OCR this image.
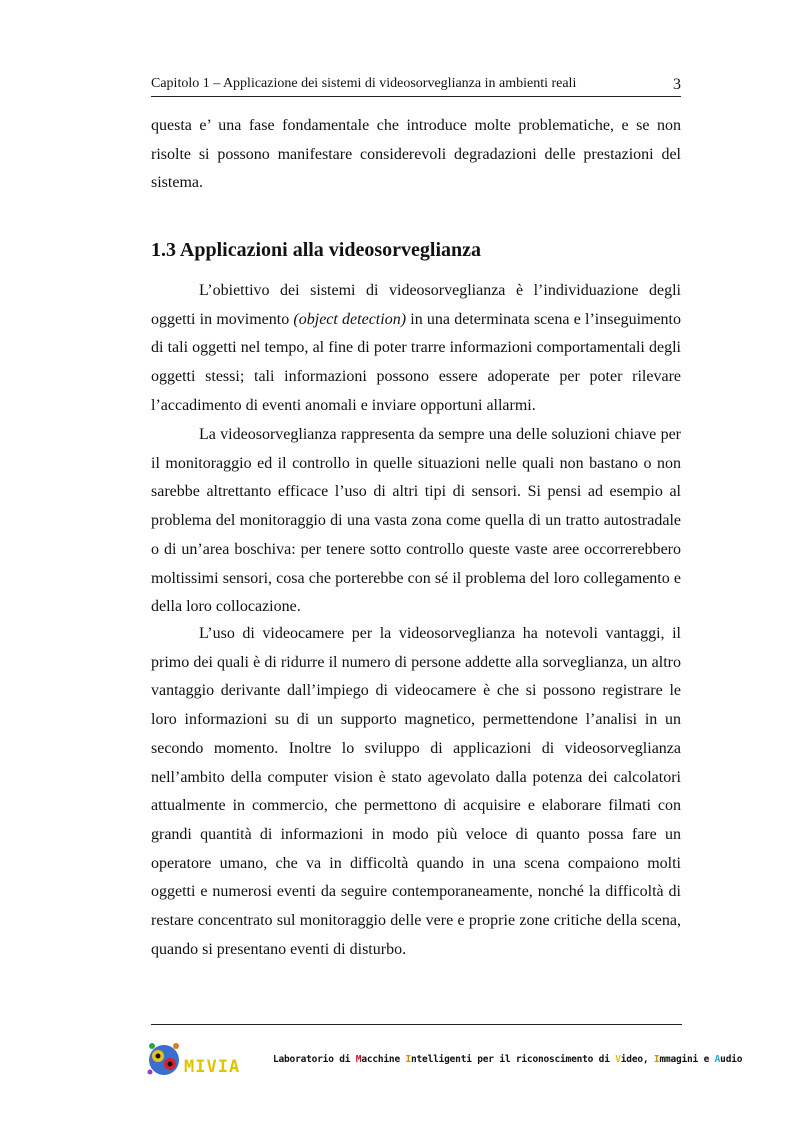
Capitolo 1 – Applicazione dei sistemi di videosorveglianza in ambienti reali	3
questa e’ una fase fondamentale che introduce molte problematiche, e se non risolte si possono manifestare considerevoli degradazioni delle prestazioni del sistema.
1.3 Applicazioni alla videosorveglianza
L’obiettivo dei sistemi di videosorveglianza è l’individuazione degli oggetti in movimento (object detection) in una determinata scena e l’inseguimento di tali oggetti nel tempo, al fine di poter trarre informazioni comportamentali degli oggetti stessi; tali informazioni possono essere adoperate per poter rilevare l’accadimento di eventi anomali e inviare opportuni allarmi.
La videosorveglianza rappresenta da sempre una delle soluzioni chiave per il monitoraggio ed il controllo in quelle situazioni nelle quali non bastano o non sarebbe altrettanto efficace l’uso di altri tipi di sensori. Si pensi ad esempio al problema del monitoraggio di una vasta zona come quella di un tratto autostradale o di un’area boschiva: per tenere sotto controllo queste vaste aree occorrerebbero moltissimi sensori, cosa che porterebbe con sé il problema del loro collegamento e della loro collocazione.
L’uso di videocamere per la videosorveglianza ha notevoli vantaggi, il primo dei quali è di ridurre il numero di persone addette alla sorveglianza, un altro vantaggio derivante dall’impiego di videocamere è che si possono registrare le loro informazioni su di un supporto magnetico, permettendone l’analisi in un secondo momento. Inoltre lo sviluppo di applicazioni di videosorveglianza nell’ambito della computer vision è stato agevolato dalla potenza dei calcolatori attualmente in commercio, che permettono di acquisire e elaborare filmati con grandi quantità di informazioni in modo più veloce di quanto possa fare un operatore umano, che va in difficoltà quando in una scena compaiono molti oggetti e numerosi eventi da seguire contemporaneamente, nonché la difficoltà di restare concentrato sul monitoraggio delle vere e proprie zone critiche della scena, quando si presentano eventi di disturbo.
MIVIA	Laboratorio di Macchine Intelligenti per il riconoscimento di Video, Immagini e Audio
